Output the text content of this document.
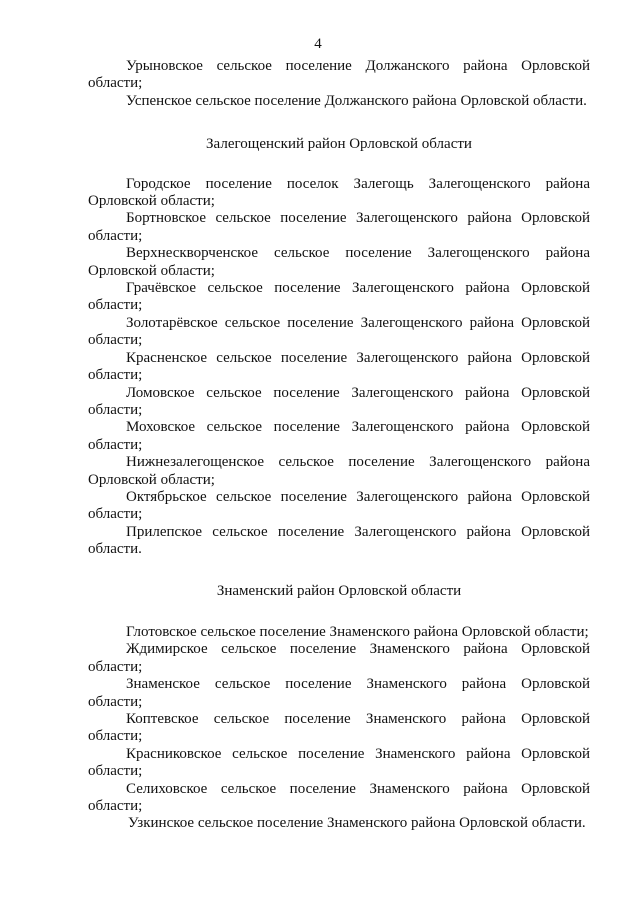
4
Урыновское сельское поселение Должанского района Орловской области;
Успенское сельское поселение Должанского района Орловской области.
Залегощенский район Орловской области
Городское поселение поселок Залегощь Залегощенского района Орловской области;
Бортновское сельское поселение Залегощенского района Орловской области;
Верхнескворченское сельское поселение Залегощенского района Орловской области;
Грачёвское сельское поселение Залегощенского района Орловской области;
Золотарёвское сельское поселение Залегощенского района Орловской области;
Красненское сельское поселение Залегощенского района Орловской области;
Ломовское сельское поселение Залегощенского района Орловской области;
Моховское сельское поселение Залегощенского района Орловской области;
Нижнезалегощенское сельское поселение Залегощенского района Орловской области;
Октябрьское сельское поселение Залегощенского района Орловской области;
Прилепское сельское поселение Залегощенского района Орловской области.
Знаменский район Орловской области
Глотовское сельское поселение Знаменского района Орловской области;
Ждимирское сельское поселение Знаменского района Орловской области;
Знаменское сельское поселение Знаменского района Орловской области;
Коптевское сельское поселение Знаменского района Орловской области;
Красниковское сельское поселение Знаменского района Орловской области;
Селиховское сельское поселение Знаменского района Орловской области;
Узкинское сельское поселение Знаменского района Орловской области.
